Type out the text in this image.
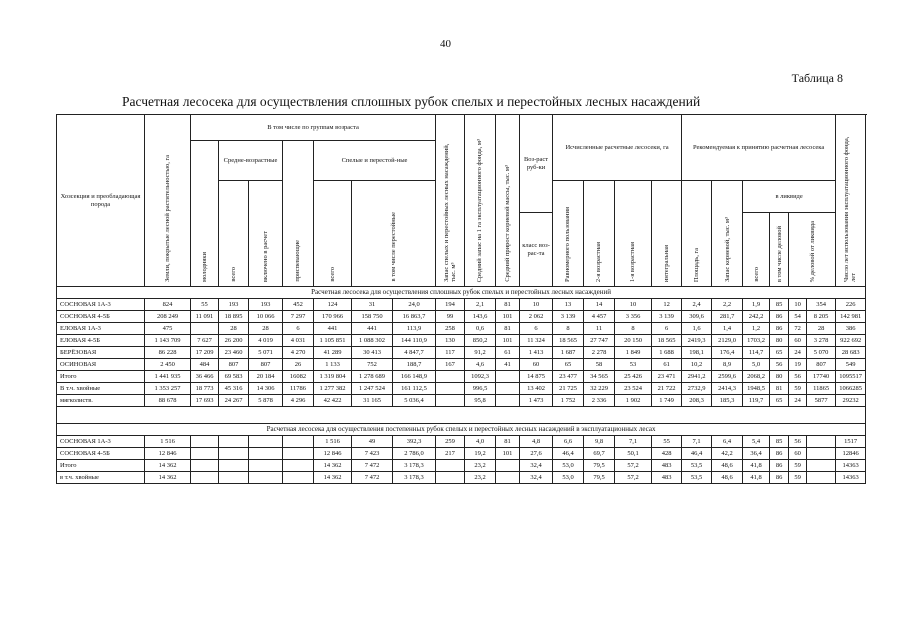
40
Таблица 8
Расчетная лесосека для осуществления сплошных рубок спелых и перестойных лесных насаждений
Хозсекция и преобладающая порода	Земли, покрытые лесной растительностью, га	В том числе по группам возраста							Запас спелых и перестойных лесных насаждений, тыс. м³	Средний запас на 1 га эксплуатационного фонда, м³	Средний прирост корневой массы, тыс. м³	Воз-раст руб-ки	Исчисленные расчетные лесосеки, га				Рекомендуемая к принятию расчетная лесосека						Число лет использования эксплуатационного фонда, лет	
		молодняки	Средне-возрастные		приспевающие	Спелые и перестой-ные																		
			всего	включено в расчет		всего	в том числе перестойные						Равномерного пользования	2-я возрастная	1-я возрастная	интегральная	Площадь, га	Запас корневой, тыс. м³	в ликвиде		
												класс воз-рас-та							всего	в том числе деловой	% деловой от ликвида			
Расчетная лесосека для осуществления сплошных рубок спелых и перестойных лесных насаждений																								
СОСНОВАЯ 1А-3	824	55	193	193	452	124	31	24,0	194	2,1	81	10	13	14	10	12	2,4	2,2	1,9	85	10	354	226	
СОСНОВАЯ 4-5Б	208 249	11 091	18 895	10 066	7 297	170 966	158 750	16 863,7	99	143,6	101	2 062	3 139	4 457	3 356	3 139	309,6	281,7	242,2	86	54	8 205	142 981	
ЕЛОВАЯ 1А-3	475		28	28	6	441	441	113,9	258	0,6	81	6	8	11	8	6	1,6	1,4	1,2	86	72	28	386	
ЕЛОВАЯ 4-5Б	1 143 709	7 627	26 200	4 019	4 031	1 105 851	1 088 302	144 110,9	130	850,2	101	11 324	18 565	27 747	20 150	18 565	2419,3	2129,0	1703,2	80	60	3 278	922 692	
БЕРЁЗОВАЯ	86 228	17 209	23 460	5 071	4 270	41 289	30 413	4 847,7	117	91,2	61	1 413	1 687	2 278	1 849	1 688	198,1	176,4	114,7	65	24	5 070	28 683	
ОСИНОВАЯ	2 450	484	807	807	26	1 133	752	188,7	167	4,6	41	60	65	58	53	61	10,2	8,9	5,0	56	19	807	549	
Итого	1 441 935	36 466	69 583	20 184	16082	1 319 804	1 278 689	166 148,9		1092,3		14 875	23 477	34 565	25 426	23 471	2941,2	2599,6	2068,2	80	56	17740	1095517	
В т.ч. хвойные	1 353 257	18 773	45 316	14 306	11786	1 277 382	1 247 524	161 112,5		996,5		13 402	21 725	32 229	23 524	21 722	2732,9	2414,3	1948,5	81	59	11865	1066285	
мягколиств.	88 678	17 693	24 267	5 878	4 296	42 422	31 165	5 036,4		95,8		1 473	1 752	2 336	1 902	1 749	208,3	185,3	119,7	65	24	5877	29232	

Расчетная лесосека для осуществления постепенных рубок спелых и перестойных лесных насаждений в эксплуатационных лесах																								
СОСНОВАЯ 1А-3	1 516					1 516	49	392,3	259	4,0	81	4,8	6,6	9,8	7,1	55	7,1	6,4	5,4	85	56		1517	
СОСНОВАЯ 4-5Б	12 846					12 846	7 423	2 786,0	217	19,2	101	27,6	46,4	69,7	50,1	428	46,4	42,2	36,4	86	60		12846	
Итого	14 362					14 362	7 472	3 178,3		23,2		32,4	53,0	79,5	57,2	483	53,5	48,6	41,8	86	59		14363	
в т.ч. хвойные	14 362					14 362	7 472	3 178,3		23,2		32,4	53,0	79,5	57,2	483	53,5	48,6	41,8	86	59		14363	
